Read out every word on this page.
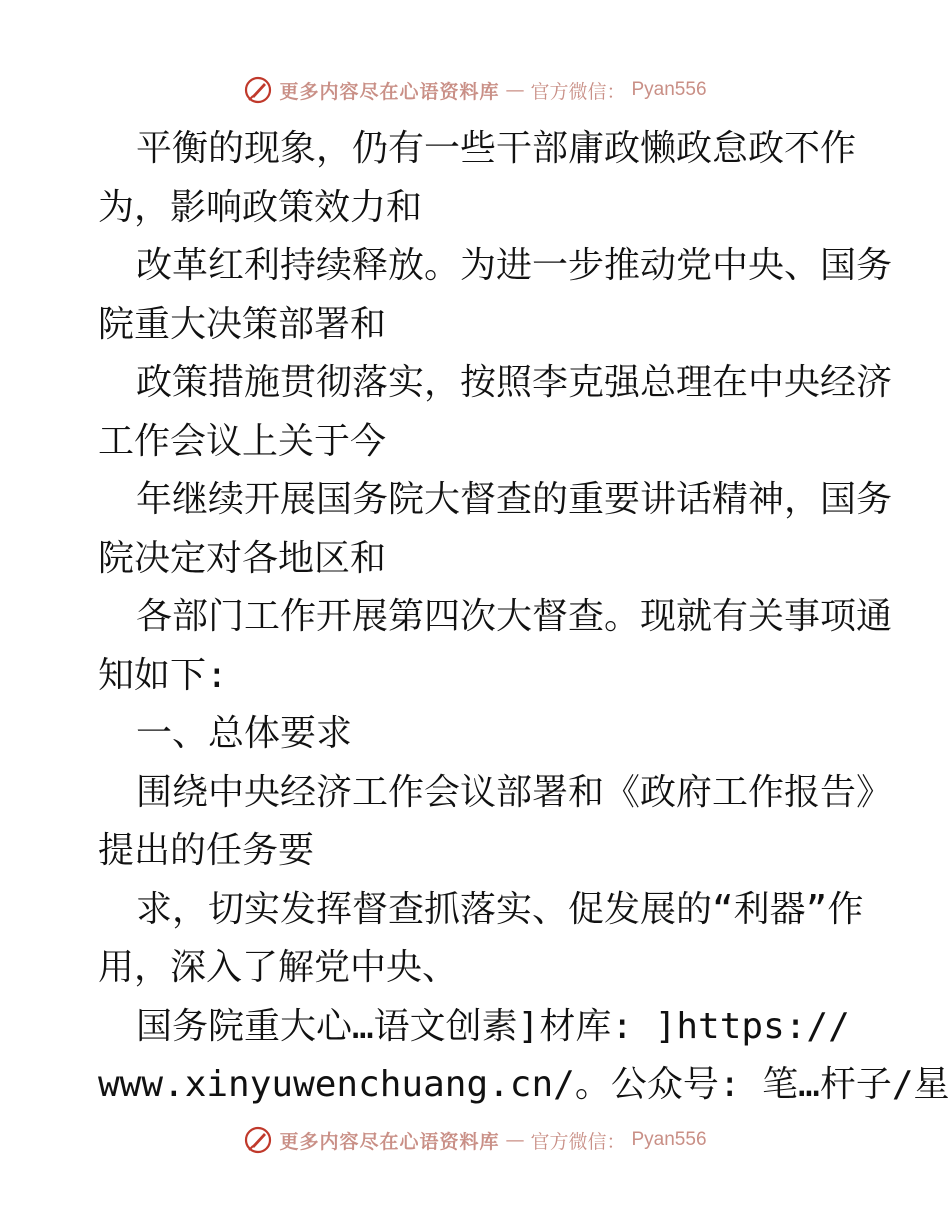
更多内容尽在心语资料库 — 官方微信： Pyan556
平衡的现象，仍有一些干部庸政懒政怠政不作
为，影响政策效力和
改革红利持续释放。为进一步推动党中央、国务
院重大决策部署和
政策措施贯彻落实，按照李克强总理在中央经济
工作会议上关于今
年继续开展国务院大督查的重要讲话精神，国务
院决定对各地区和
各部门工作开展第四次大督查。现就有关事项通
知如下:
一、总体要求
围绕中央经济工作会议部署和《政府工作报告》
提出的任务要
求，切实发挥督查抓落实、促发展的“利器”作
用，深入了解党中央、
国务院重大心…语文创素]材库: ]https://
www.xinyuwenchuang.cn/。公众号: 笔…杆子/星
更多内容尽在心语资料库 — 官方微信： Pyan556
